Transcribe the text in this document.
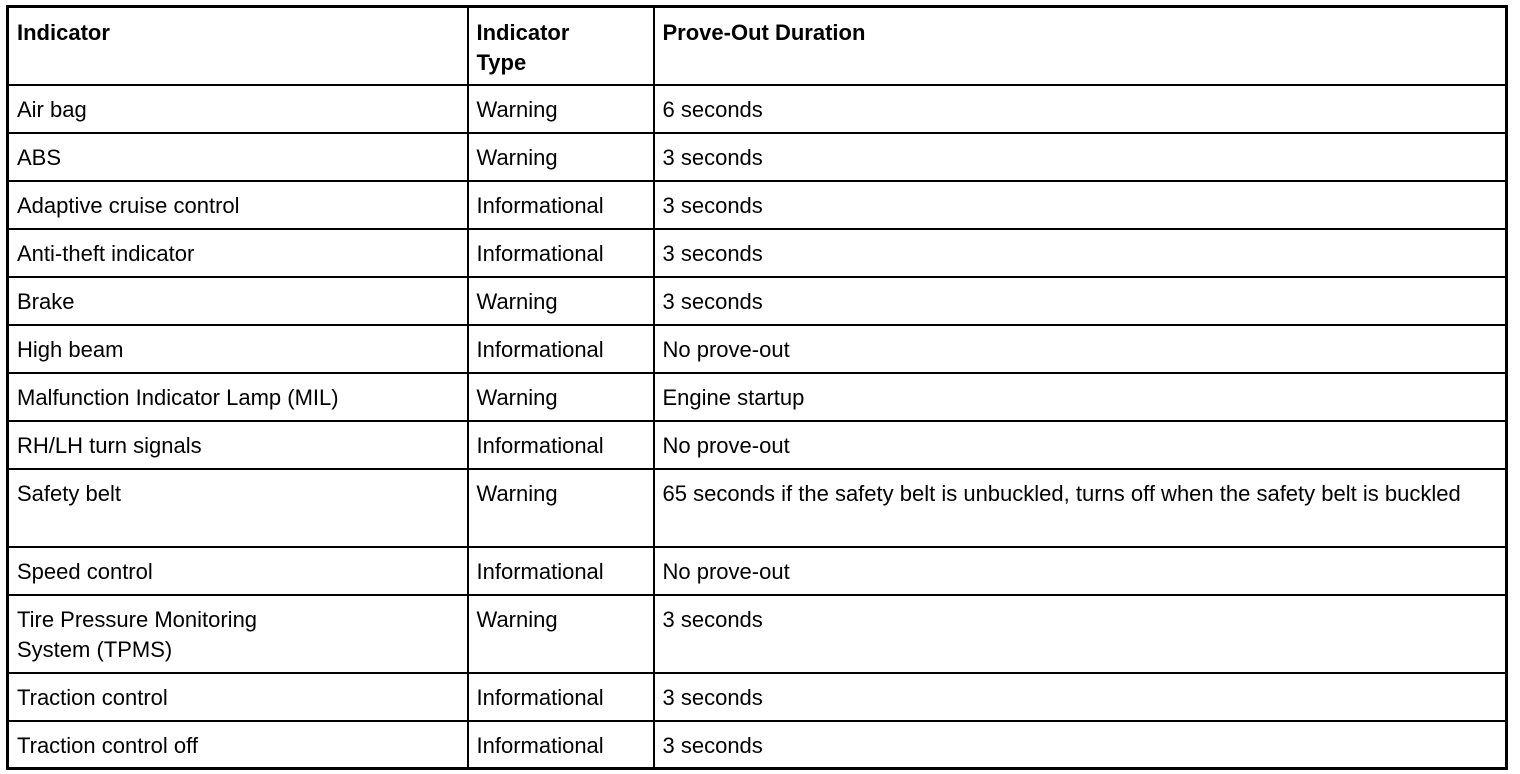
Indicator	Indicator Type	Prove-Out Duration
Air bag	Warning	6 seconds
ABS	Warning	3 seconds
Adaptive cruise control	Informational	3 seconds
Anti-theft indicator	Informational	3 seconds
Brake	Warning	3 seconds
High beam	Informational	No prove-out
Malfunction Indicator Lamp (MIL)	Warning	Engine startup
RH/LH turn signals	Informational	No prove-out
Safety belt	Warning	65 seconds if the safety belt is unbuckled, turns off when the safety belt is buckled
Speed control	Informational	No prove-out
Tire Pressure Monitoring System (TPMS)	Warning	3 seconds
Traction control	Informational	3 seconds
Traction control off	Informational	3 seconds
